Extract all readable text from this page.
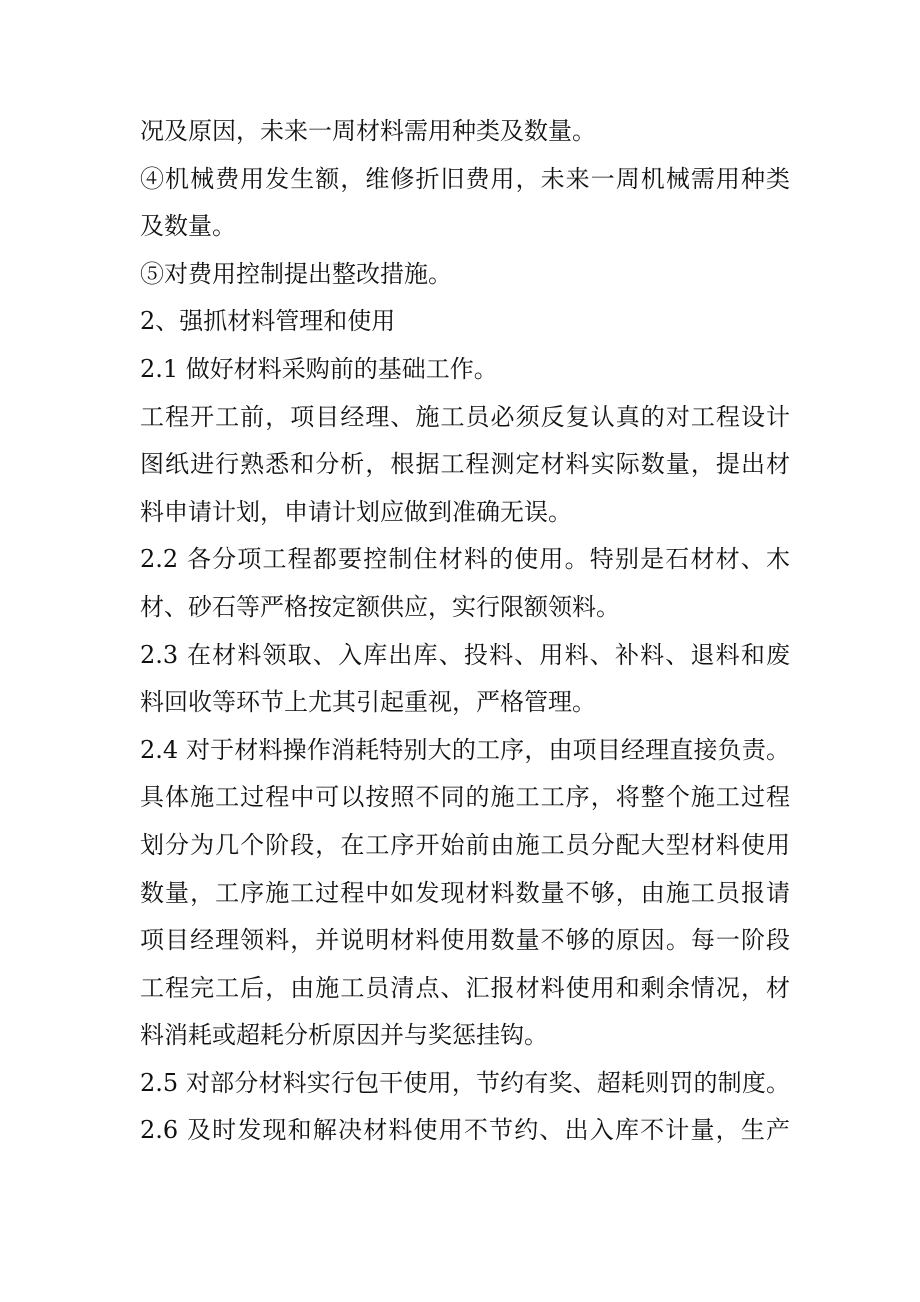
况及原因，未来一周材料需用种类及数量。
④机械费用发生额，维修折旧费用，未来一周机械需用种类
及数量。
⑤对费用控制提出整改措施。
2、强抓材料管理和使用
2.1 做好材料采购前的基础工作。
工程开工前，项目经理、施工员必须反复认真的对工程设计
图纸进行熟悉和分析，根据工程测定材料实际数量，提出材
料申请计划，申请计划应做到准确无误。
2.2 各分项工程都要控制住材料的使用。特别是石材材、木
材、砂石等严格按定额供应，实行限额领料。
2.3 在材料领取、入库出库、投料、用料、补料、退料和废
料回收等环节上尤其引起重视，严格管理。
2.4 对于材料操作消耗特别大的工序，由项目经理直接负责。
具体施工过程中可以按照不同的施工工序，将整个施工过程
划分为几个阶段，在工序开始前由施工员分配大型材料使用
数量，工序施工过程中如发现材料数量不够，由施工员报请
项目经理领料，并说明材料使用数量不够的原因。每一阶段
工程完工后，由施工员清点、汇报材料使用和剩余情况，材
料消耗或超耗分析原因并与奖惩挂钩。
2.5 对部分材料实行包干使用，节约有奖、超耗则罚的制度。
2.6 及时发现和解决材料使用不节约、出入库不计量，生产
